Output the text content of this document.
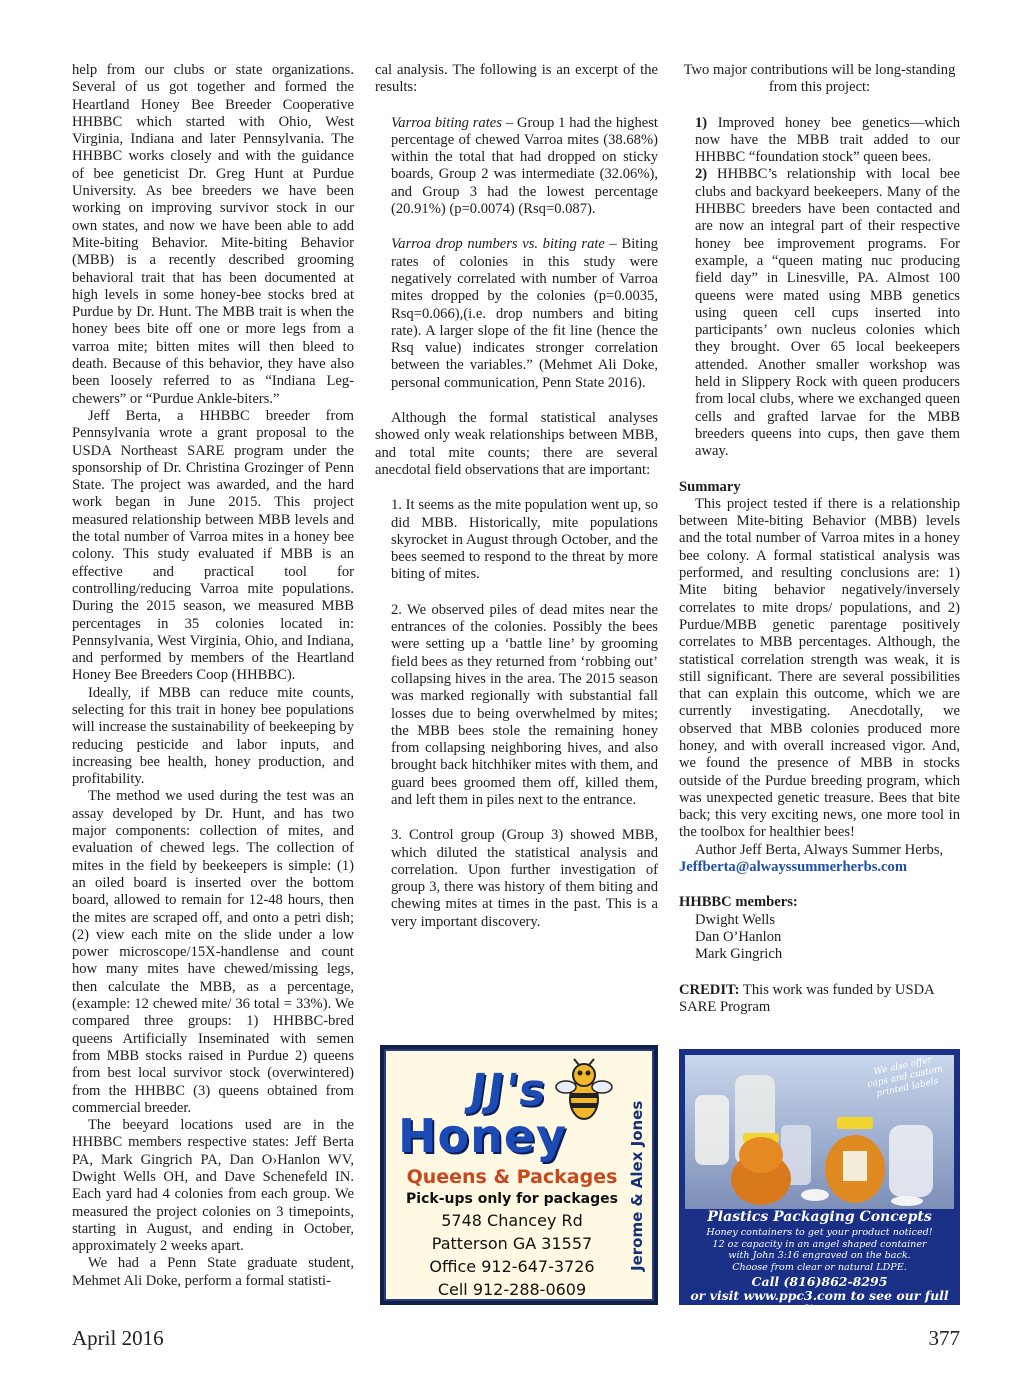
help from our clubs or state organizations. Several of us got together and formed the Heartland Honey Bee Breeder Cooperative HHBBC which started with Ohio, West Virginia, Indiana and later Pennsylvania. The HHBBC works closely and with the guidance of bee geneticist Dr. Greg Hunt at Purdue University. As bee breeders we have been working on improving survivor stock in our own states, and now we have been able to add Mite-biting Behavior. Mite-biting Behavior (MBB) is a recently described grooming behavioral trait that has been documented at high levels in some honey-bee stocks bred at Purdue by Dr. Hunt. The MBB trait is when the honey bees bite off one or more legs from a varroa mite; bitten mites will then bleed to death. Because of this behavior, they have also been loosely referred to as “Indiana Leg-chewers” or “Purdue Ankle-biters.”

Jeff Berta, a HHBBC breeder from Pennsylvania wrote a grant proposal to the USDA Northeast SARE program under the sponsorship of Dr. Christina Grozinger of Penn State. The project was awarded, and the hard work began in June 2015. This project measured relationship between MBB levels and the total number of Varroa mites in a honey bee colony. This study evaluated if MBB is an effective and practical tool for controlling/reducing Varroa mite populations. During the 2015 season, we measured MBB percentages in 35 colonies located in: Pennsylvania, West Virginia, Ohio, and Indiana, and performed by members of the Heartland Honey Bee Breeders Coop (HHBBC).

Ideally, if MBB can reduce mite counts, selecting for this trait in honey bee populations will increase the sustainability of beekeeping by reducing pesticide and labor inputs, and increasing bee health, honey production, and profitability.

The method we used during the test was an assay developed by Dr. Hunt, and has two major components: collection of mites, and evaluation of chewed legs. The collection of mites in the field by beekeepers is simple: (1) an oiled board is inserted over the bottom board, allowed to remain for 12-48 hours, then the mites are scraped off, and onto a petri dish; (2) view each mite on the slide under a low power microscope/15X-handlense and count how many mites have chewed/missing legs, then calculate the MBB, as a percentage, (example: 12 chewed mite/ 36 total = 33%). We compared three groups: 1) HHBBC-bred queens Artificially Inseminated with semen from MBB stocks raised in Purdue 2) queens from best local survivor stock (overwintered) from the HHBBC (3) queens obtained from commercial breeder.

The beeyard locations used are in the HHBBC members respective states: Jeff Berta PA, Mark Gingrich PA, Dan O›Hanlon WV, Dwight Wells OH, and Dave Schenefeld IN. Each yard had 4 colonies from each group. We measured the project colonies on 3 timepoints, starting in August, and ending in October, approximately 2 weeks apart.

We had a Penn State graduate student, Mehmet Ali Doke, perform a formal statisti-

cal analysis. The following is an excerpt of the results:

Varroa biting rates – Group 1 had the highest percentage of chewed Varroa mites (38.68%) within the total that had dropped on sticky boards, Group 2 was intermediate (32.06%), and Group 3 had the lowest percentage (20.91%) (p=0.0074) (Rsq=0.087).

Varroa drop numbers vs. biting rate – Biting rates of colonies in this study were negatively correlated with number of Varroa mites dropped by the colonies (p=0.0035, Rsq=0.066),(i.e. drop numbers and biting rate). A larger slope of the fit line (hence the Rsq value) indicates stronger correlation between the variables.” (Mehmet Ali Doke, personal communication, Penn State 2016).

Although the formal statistical analyses showed only weak relationships between MBB, and total mite counts; there are several anecdotal field observations that are important:

1. It seems as the mite population went up, so did MBB. Historically, mite populations skyrocket in August through October, and the bees seemed to respond to the threat by more biting of mites.

2. We observed piles of dead mites near the entrances of the colonies. Possibly the bees were setting up a ‘battle line’ by grooming field bees as they returned from ‘robbing out’ collapsing hives in the area. The 2015 season was marked regionally with substantial fall losses due to being overwhelmed by mites; the MBB bees stole the remaining honey from collapsing neighboring hives, and also brought back hitchhiker mites with them, and guard bees groomed them off, killed them, and left them in piles next to the entrance.

3. Control group (Group 3) showed MBB, which diluted the statistical analysis and correlation. Upon further investigation of group 3, there was history of them biting and chewing mites at times in the past. This is a very important discovery.

Two major contributions will be long-standing from this project:

1) Improved honey bee genetics—which now have the MBB trait added to our HHBBC “foundation stock” queen bees.

2) HHBBC’s relationship with local bee clubs and backyard beekeepers. Many of the HHBBC breeders have been contacted and are now an integral part of their respective honey bee improvement programs. For example, a “queen mating nuc producing field day” in Linesville, PA. Almost 100 queens were mated using MBB genetics using queen cell cups inserted into participants’ own nucleus colonies which they brought. Over 65 local beekeepers attended. Another smaller workshop was held in Slippery Rock with queen producers from local clubs, where we exchanged queen cells and grafted larvae for the MBB breeders queens into cups, then gave them away.

Summary

This project tested if there is a relationship between Mite-biting Behavior (MBB) levels and the total number of Varroa mites in a honey bee colony. A formal statistical analysis was performed, and resulting conclusions are: 1) Mite biting behavior negatively/inversely correlates to mite drops/ populations, and 2) Purdue/MBB genetic parentage positively correlates to MBB percentages. Although, the statistical correlation strength was weak, it is still significant. There are several possibilities that can explain this outcome, which we are currently investigating. Anecdotally, we observed that MBB colonies produced more honey, and with overall increased vigor. And, we found the presence of MBB in stocks outside of the Purdue breeding program, which was unexpected genetic treasure. Bees that bite back; this very exciting news, one more tool in the toolbox for healthier bees!

Author Jeff Berta, Always Summer Herbs,

Jeffberta@alwayssummerherbs.com

HHBBC members:

Dwight Wells
Dan O’Hanlon
Mark Gingrich

CREDIT: This work was funded by USDA SARE Program

JJ's
Honey	Jerome & Alex Jones
Queens & Packages
Pick-ups only for packages
5748 Chancey Rd
Patterson GA 31557
Office 912-647-3726
Cell 912-288-0609
We also offer caps and custom printed labels
Plastics Packaging Concepts
Honey containers to get your product noticed!
12 oz capacity in an angel shaped container
with John 3:16 engraved on the back.
Choose from clear or natural LDPE.
Call (816)862-8295
or visit www.ppc3.com to see our full line.
April 2016	377
